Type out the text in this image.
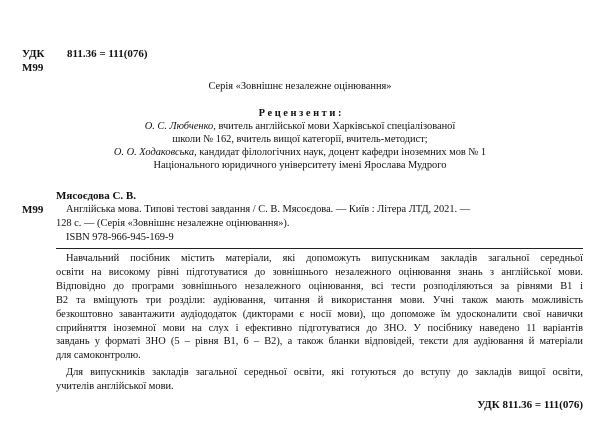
УДК 811.36 = 111(076)
М99
Серія «Зовнішнє незалежне оцінювання»
Р е ц е н з е н т и :
О. С. Любченко, вчитель англійської мови Харківської спеціалізованої
школи № 162, вчитель вищої категорії, вчитель-методист;
О. О. Ходаковська, кандидат філологічних наук, доцент кафедри іноземних мов № 1
Національного юридичного університету імені Ярослава Мудрого
Мясоєдова С. В.
М99 Англійська мова. Типові тестові завдання / С. В. Мясоєдова. — Київ : Літера ЛТД, 2021. —
128 с. — (Серія «Зовнішнє незалежне оцінювання»).
ISBN 978-966-945-169-9
Навчальний посібник містить матеріали, які допоможуть випускникам закладів загальної середньої
освіти на високому рівні підготуватися до зовнішнього незалежного оцінювання знань з англійської мови.
Відповідно до програми зовнішнього незалежного оцінювання, всі тести розподіляються за рівнями В1 і
В2 та вміщують три розділи: аудіювання, читання й використання мови. Учні також мають можливість
безкоштовно завантажити аудіододаток (дикторами є носії мови), що допоможе їм удосконалити свої навички
сприйняття іноземної мови на слух і ефективно підготуватися до ЗНО. У посібнику наведено 11 варіантів
завдань у форматі ЗНО (5 – рівня В1, 6 – В2), а також бланки відповідей, тексти для аудіювання й матеріали
для самоконтролю.
Для випускників закладів загальної середньої освіти, які готуються до вступу до закладів вищої освіти,
учителів англійської мови.
УДК 811.36 = 111(076)
